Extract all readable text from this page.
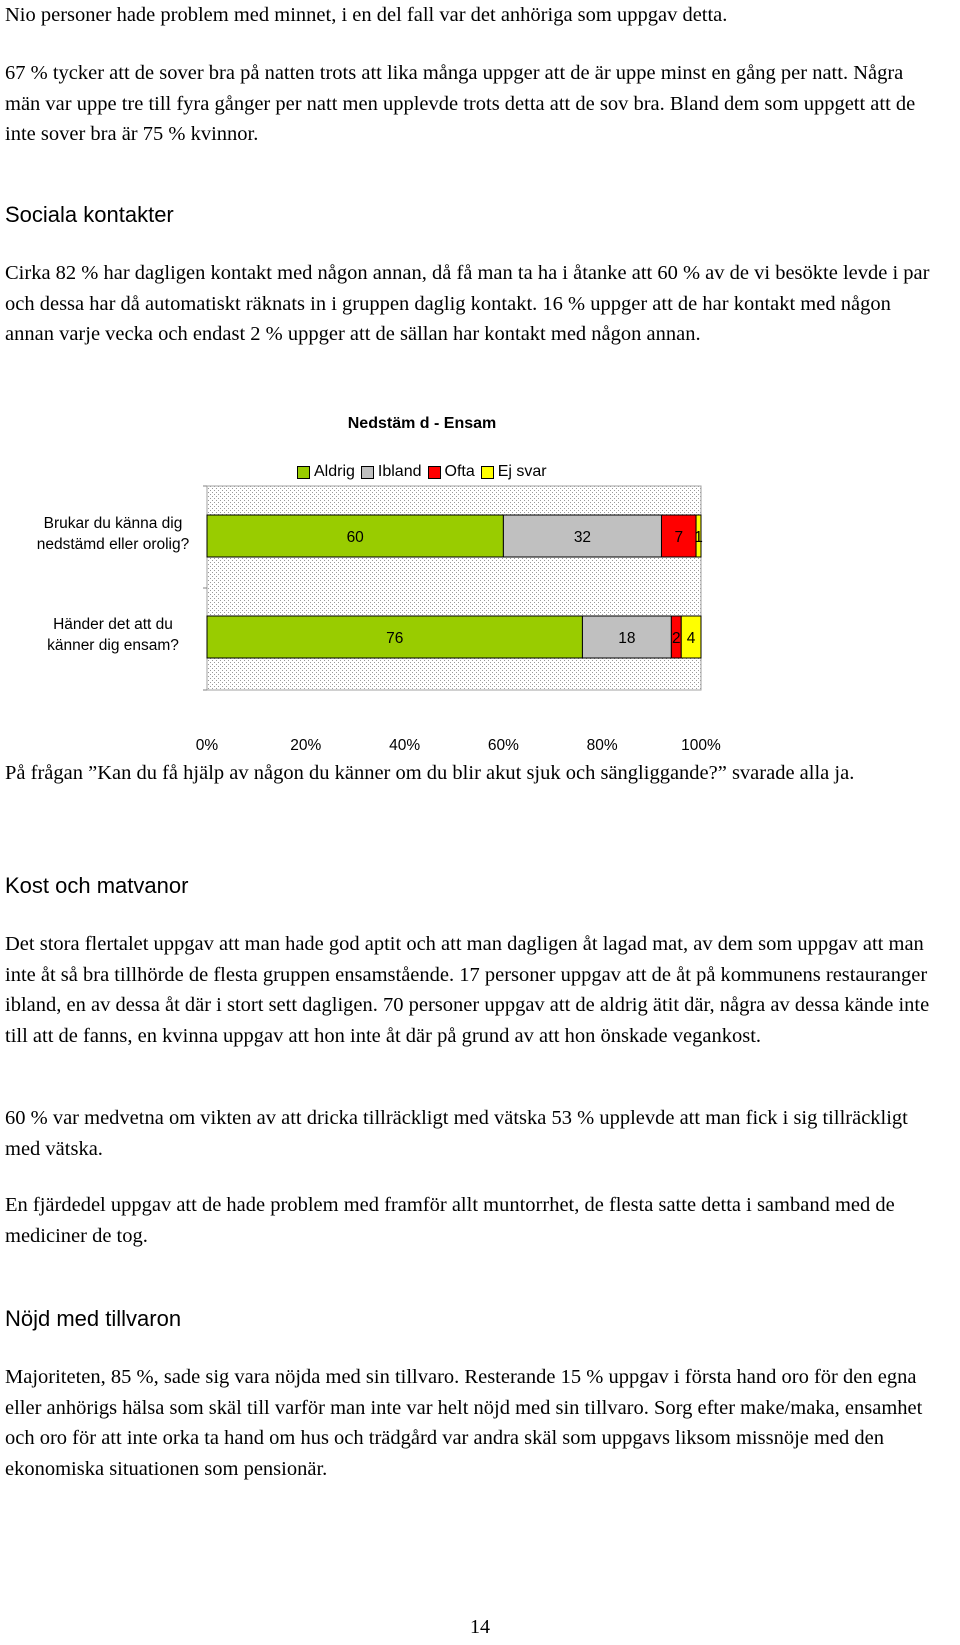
Nio personer hade problem med minnet, i en del fall var det anhöriga som uppgav detta.

67 % tycker att de sover bra på natten trots att lika många uppger att de är uppe minst en gång per natt. Några män var uppe tre till fyra gånger per natt men upplevde trots detta att de sov bra. Bland dem som uppgett att de inte sover bra är 75 % kvinnor.

Sociala kontakter

Cirka 82 % har dagligen kontakt med någon annan, då få man ta ha i åtanke att 60 % av de vi besökte levde i par och dessa har då automatiskt räknats in i gruppen daglig kontakt. 16 % uppger att de har kontakt med någon annan varje vecka och endast 2 % uppger att de sällan har kontakt med någon annan.

Nedstäm d - Ensam
Aldrig Ibland Ofta Ej svar
Brukar du känna dig
nedstämd eller orolig?
Händer det att du
känner dig ensam?
60	32	7 1
76	18 2 4
0%	20%	40%	60%	80%	100%

På frågan ”Kan du få hjälp av någon du känner om du blir akut sjuk och sängliggande?” svarade alla ja.

Kost och matvanor

Det stora flertalet uppgav att man hade god aptit och att man dagligen åt lagad mat, av dem som uppgav att man inte åt så bra tillhörde de flesta gruppen ensamstående. 17 personer uppgav att de åt på kommunens restauranger ibland, en av dessa åt där i stort sett dagligen. 70 personer uppgav att de aldrig ätit där, några av dessa kände inte till att de fanns, en kvinna uppgav att hon inte åt där på grund av att hon önskade vegankost.

60 % var medvetna om vikten av att dricka tillräckligt med vätska 53 % upplevde att man fick i sig tillräckligt med vätska.

En fjärdedel uppgav att de hade problem med framför allt muntorrhet, de flesta satte detta i samband med de mediciner de tog.

Nöjd med tillvaron

Majoriteten, 85 %, sade sig vara nöjda med sin tillvaro. Resterande 15 % uppgav i första hand oro för den egna eller anhörigs hälsa som skäl till varför man inte var helt nöjd med sin tillvaro. Sorg efter make/maka, ensamhet och oro för att inte orka ta hand om hus och trädgård var andra skäl som uppgavs liksom missnöje med den ekonomiska situationen som pensionär.

14
